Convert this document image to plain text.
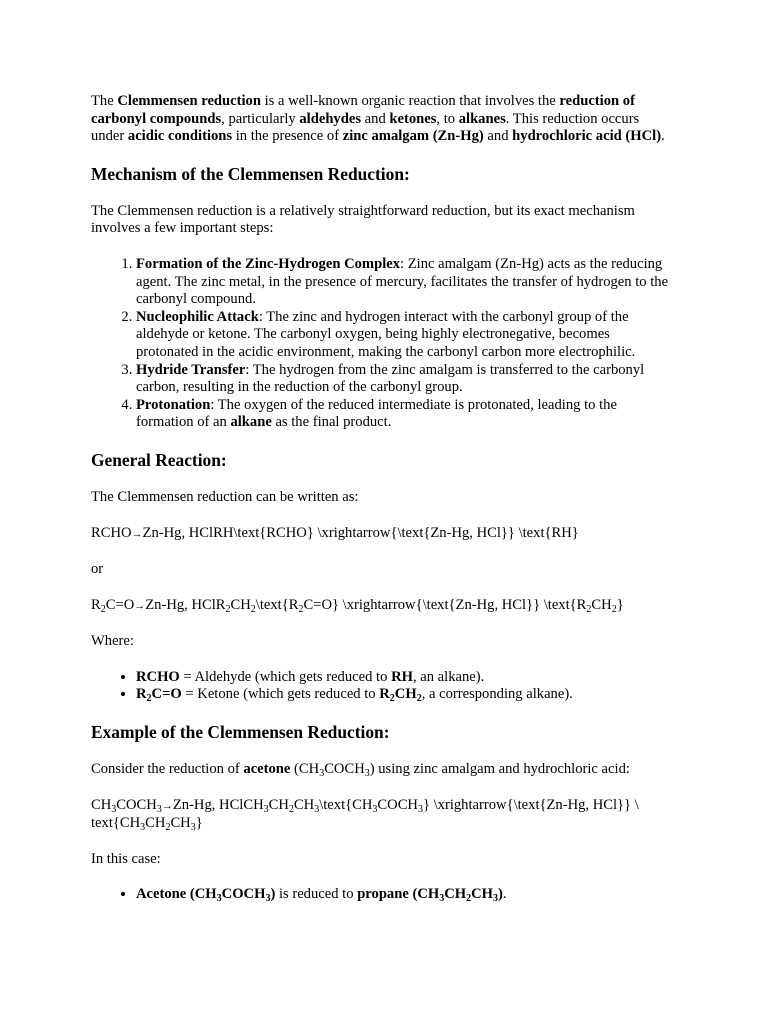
The Clemmensen reduction is a well-known organic reaction that involves the reduction of carbonyl compounds, particularly aldehydes and ketones, to alkanes. This reduction occurs under acidic conditions in the presence of zinc amalgam (Zn-Hg) and hydrochloric acid (HCl).

Mechanism of the Clemmensen Reduction:

The Clemmensen reduction is a relatively straightforward reduction, but its exact mechanism involves a few important steps:

1. Formation of the Zinc-Hydrogen Complex: Zinc amalgam (Zn-Hg) acts as the reducing agent. The zinc metal, in the presence of mercury, facilitates the transfer of hydrogen to the carbonyl compound.
2. Nucleophilic Attack: The zinc and hydrogen interact with the carbonyl group of the aldehyde or ketone. The carbonyl oxygen, being highly electronegative, becomes protonated in the acidic environment, making the carbonyl carbon more electrophilic.
3. Hydride Transfer: The hydrogen from the zinc amalgam is transferred to the carbonyl carbon, resulting in the reduction of the carbonyl group.
4. Protonation: The oxygen of the reduced intermediate is protonated, leading to the formation of an alkane as the final product.
General Reaction:

The Clemmensen reduction can be written as:

RCHO→Zn-Hg, HClRH\text{RCHO} \xrightarrow{\text{Zn-Hg, HCl}} \text{RH}

or

$R_2C=O\to Zn-Hg$, $HClR_2CH_2\backslash text\{R_2C=O\}$ \xrightarrow{\text{Zn-Hg, HCl}} $\backslash text\{R_2CH_2\}$

Where:

• RCHO = Aldehyde (which gets reduced to RH, an alkane).
• $R_2C=O$ = Ketone (which gets reduced to $R_2CH_2$, a corresponding alkane).
Example of the Clemmensen Reduction:

Consider the reduction of acetone $(CH_3COCH_3)$ using zinc amalgam and hydrochloric acid:

$CH_3COCH_3\to Zn-Hg$, $HClCH_3CH_2CH_3\backslash text\{CH_3COCH_3\}$ \xrightarrow{\text{Zn-Hg, HCl}} \ $text\{CH_3CH_2CH_3\}$

In this case:

• Acetone $(CH_3COCH_3)$ is reduced to propane $(CH_3CH_2CH_3)$.
